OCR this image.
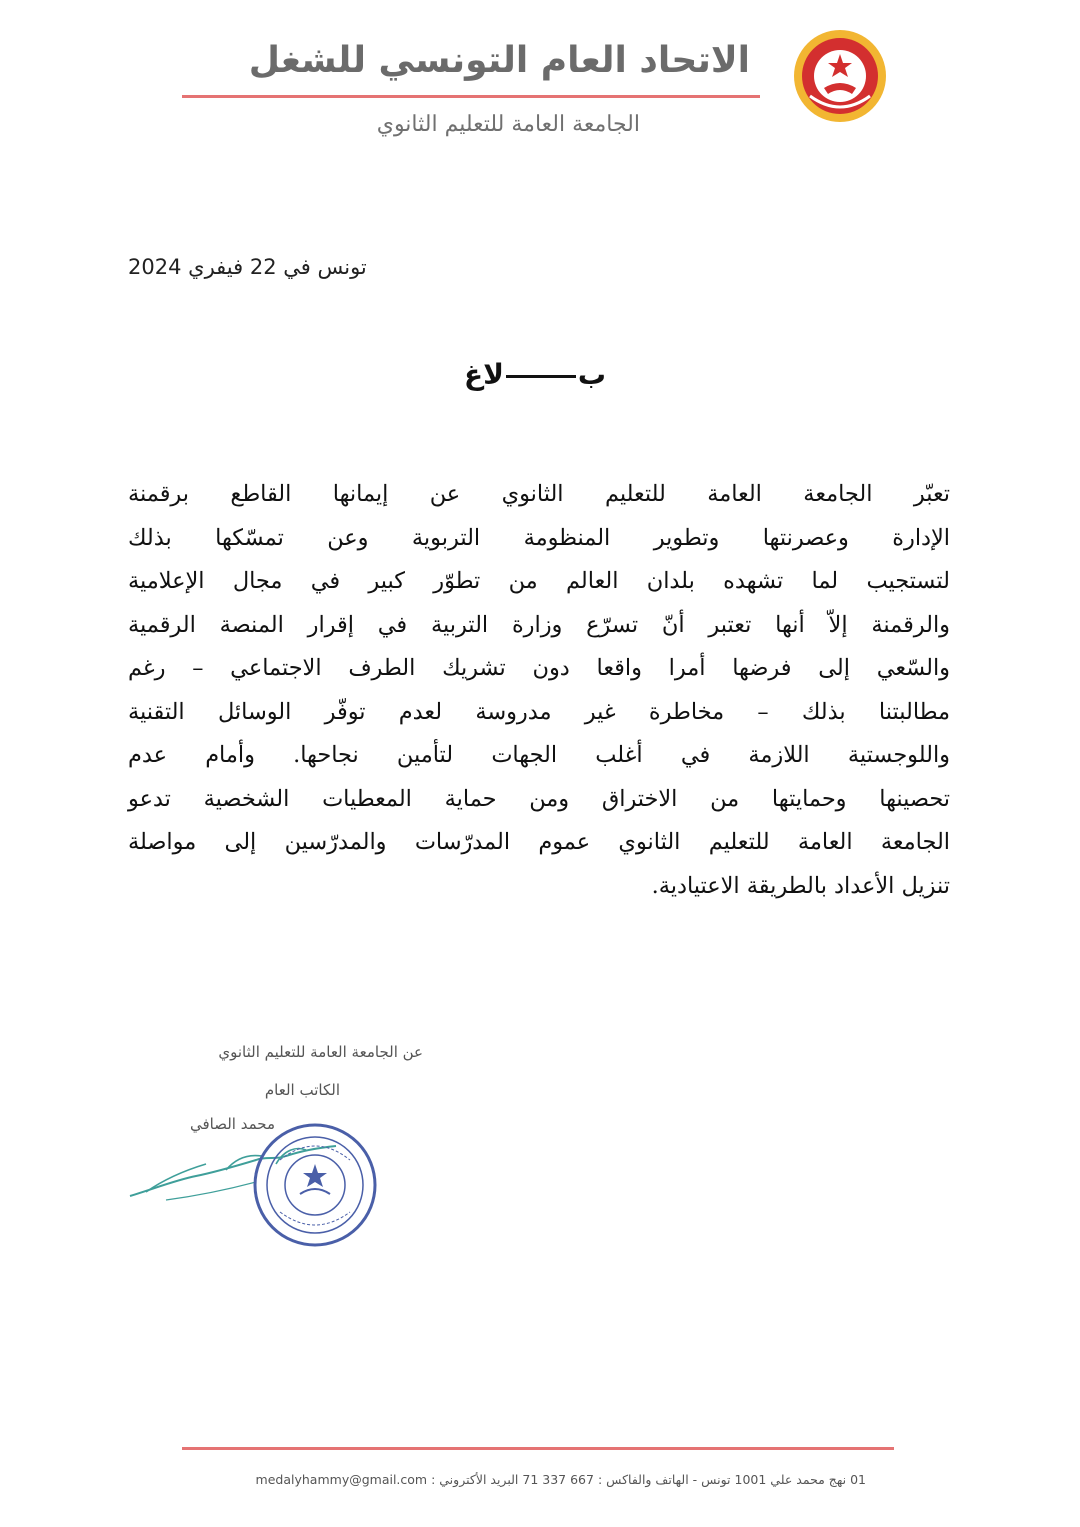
الاتحاد العام التونسي للشغل
الجامعة العامة للتعليم الثانوي
تونس في 22 فيفري 2024
بلاغ
تعبّر الجامعة العامة للتعليم الثانوي عن إيمانها القاطع برقمنة
الإدارة وعصرنتها وتطوير المنظومة التربوية وعن تمسّكها بذلك
لتستجيب لما تشهده بلدان العالم من تطوّر كبير في مجال الإعلامية
والرقمنة إلاّ أنها تعتبر أنّ تسرّع وزارة التربية في إقرار المنصة الرقمية
والسّعي إلى فرضها أمرا واقعا دون تشريك الطرف الاجتماعي – رغم
مطالبتنا بذلك – مخاطرة غير مدروسة لعدم توفّر الوسائل التقنية
واللوجستية اللازمة في أغلب الجهات لتأمين نجاحها. وأمام عدم
تحصينها وحمايتها من الاختراق ومن حماية المعطيات الشخصية تدعو
الجامعة العامة للتعليم الثانوي عموم المدرّسات والمدرّسين إلى مواصلة
تنزيل الأعداد بالطريقة الاعتيادية.
عن الجامعة العامة للتعليم الثانوي
الكاتب العام
محمد الصافي
01 نهج محمد علي 1001 تونس - الهاتف والفاكس : 667 337 71 البريد الأكتروني : medalyhammy@gmail.com
